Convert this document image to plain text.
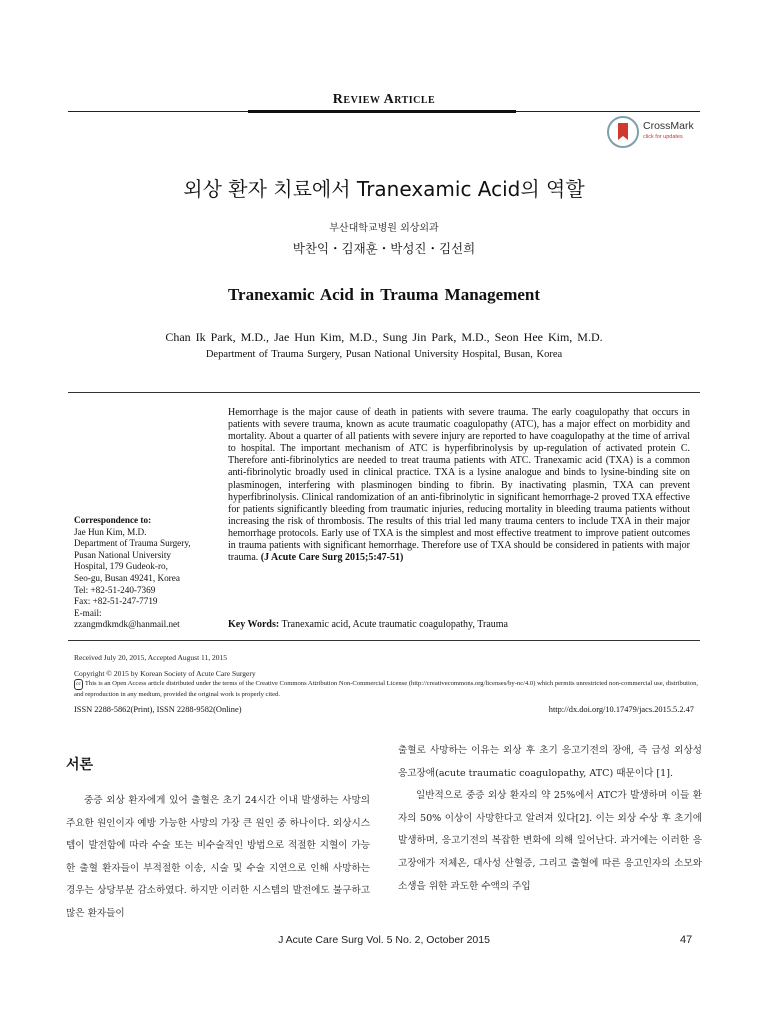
Review Article
CrossMark
click for updates
외상 환자 치료에서 Tranexamic Acid의 역할
부산대학교병원 외상외과
박찬익・김재훈・박성진・김선희
Tranexamic Acid in Trauma Management
Chan Ik Park, M.D., Jae Hun Kim, M.D., Sung Jin Park, M.D., Seon Hee Kim, M.D.
Department of Trauma Surgery, Pusan National University Hospital, Busan, Korea
Correspondence to:
Jae Hun Kim, M.D.
Department of Trauma Surgery,
Pusan National University
Hospital, 179 Gudeok-ro,
Seo-gu, Busan 49241, Korea
Tel: +82-51-240-7369
Fax: +82-51-247-7719
E-mail:
zzangmdkmdk@hanmail.net
Hemorrhage is the major cause of death in patients with severe trauma. The early coagulopathy that occurs in patients with severe trauma, known as acute traumatic coagulopathy (ATC), has a major effect on morbidity and mortality. About a quarter of all patients with severe injury are reported to have coagulopathy at the time of arrival to hospital. The important mechanism of ATC is hyperfibrinolysis by up-regulation of activated protein C. Therefore anti-fibrinolytics are needed to treat trauma patients with ATC. Tranexamic acid (TXA) is a common anti-fibrinolytic broadly used in clinical practice. TXA is a lysine analogue and binds to lysine-binding site on plasminogen, interfering with plasminogen binding to fibrin. By inactivating plasmin, TXA can prevent hyperfibrinolysis. Clinical randomization of an anti-fibrinolytic in significant hemorrhage-2 proved TXA effective for patients significantly bleeding from traumatic injuries, reducing mortality in bleeding trauma patients without increasing the risk of thrombosis. The results of this trial led many trauma centers to include TXA in their major hemorrhage protocols. Early use of TXA is the simplest and most effective treatment to improve patient outcomes in trauma patients with significant hemorrhage. Therefore use of TXA should be considered in patients with major trauma. (J Acute Care Surg 2015;5:47-51)
Key Words: Tranexamic acid, Acute traumatic coagulopathy, Trauma
Received July 20, 2015, Accepted August 11, 2015
Copyright © 2015 by Korean Society of Acute Care Surgery
cc This is an Open Access article distributed under the terms of the Creative Commons Attribution Non-Commercial License (http://creativecommons.org/licenses/by-nc/4.0) which permits unrestricted non-commercial use, distribution, and reproduction in any medium, provided the original work is properly cited.
ISSN 2288-5862(Print), ISSN 2288-9582(Online)	http://dx.doi.org/10.17479/jacs.2015.5.2.47
서론

중증 외상 환자에게 있어 출혈은 초기 24시간 이내 발생하는 사망의 주요한 원인이자 예방 가능한 사망의 가장 큰 원인 중 하나이다. 외상시스템이 발전함에 따라 수술 또는 비수술적인 방법으로 적절한 지혈이 가능한 출혈 환자들이 부적절한 이송, 시술 및 수술 지연으로 인해 사망하는 경우는 상당부분 감소하였다. 하지만 이러한 시스템의 발전에도 불구하고 많은 환자들이

출혈로 사망하는 이유는 외상 후 초기 응고기전의 장애, 즉 급성 외상성 응고장애(acute traumatic coagulopathy, ATC) 때문이다 [1].

일반적으로 중증 외상 환자의 약 25%에서 ATC가 발생하며 이들 환자의 50% 이상이 사망한다고 알려져 있다[2]. 이는 외상 수상 후 초기에 발생하며, 응고기전의 복잡한 변화에 의해 일어난다. 과거에는 이러한 응고장애가 저체온, 대사성 산혈증, 그리고 출혈에 따른 응고인자의 소모와 소생을 위한 과도한 수액의 주입

J Acute Care Surg Vol. 5 No. 2, October 2015	47
